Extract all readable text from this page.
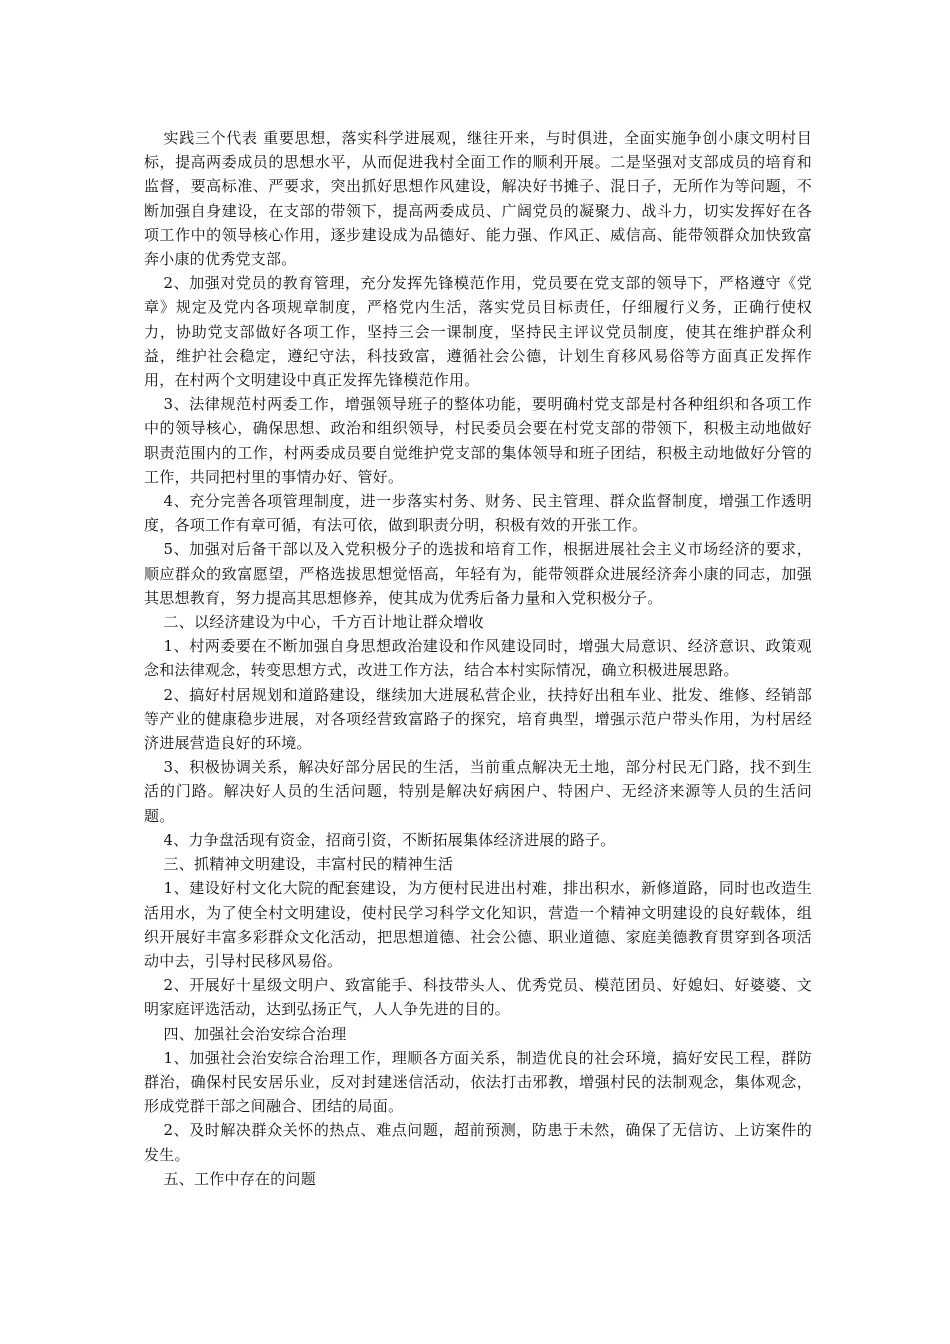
实践三个代表 重要思想，落实科学进展观，继往开来，与时俱进，全面实施争创小康文明村目标，提高两委成员的思想水平，从而促进我村全面工作的顺利开展。二是坚强对支部成员的培育和监督，要高标准、严要求，突出抓好思想作风建设，解决好书摊子、混日子，无所作为等问题，不断加强自身建设，在支部的带领下，提高两委成员、广阔党员的凝聚力、战斗力，切实发挥好在各项工作中的领导核心作用，逐步建设成为品德好、能力强、作风正、威信高、能带领群众加快致富奔小康的优秀党支部。

2、加强对党员的教育管理，充分发挥先锋模范作用，党员要在党支部的领导下，严格遵守《党章》规定及党内各项规章制度，严格党内生活，落实党员目标责任，仔细履行义务，正确行使权力，协助党支部做好各项工作，坚持三会一课制度，坚持民主评议党员制度，使其在维护群众利益，维护社会稳定，遵纪守法，科技致富，遵循社会公德，计划生育移风易俗等方面真正发挥作用，在村两个文明建设中真正发挥先锋模范作用。

3、法律规范村两委工作，增强领导班子的整体功能，要明确村党支部是村各种组织和各项工作中的领导核心，确保思想、政治和组织领导，村民委员会要在村党支部的带领下，积极主动地做好职责范围内的工作，村两委成员要自觉维护党支部的集体领导和班子团结，积极主动地做好分管的工作，共同把村里的事情办好、管好。

4、充分完善各项管理制度，进一步落实村务、财务、民主管理、群众监督制度，增强工作透明度，各项工作有章可循，有法可依，做到职责分明，积极有效的开张工作。

5、加强对后备干部以及入党积极分子的选拔和培育工作，根据进展社会主义市场经济的要求，顺应群众的致富愿望，严格选拔思想觉悟高，年轻有为，能带领群众进展经济奔小康的同志，加强其思想教育，努力提高其思想修养，使其成为优秀后备力量和入党积极分子。

二、以经济建设为中心，千方百计地让群众增收

1、村两委要在不断加强自身思想政治建设和作风建设同时，增强大局意识、经济意识、政策观念和法律观念，转变思想方式，改进工作方法，结合本村实际情况，确立积极进展思路。

2、搞好村居规划和道路建设，继续加大进展私营企业，扶持好出租车业、批发、维修、经销部等产业的健康稳步进展，对各项经营致富路子的探究，培育典型，增强示范户带头作用，为村居经济进展营造良好的环境。

3、积极协调关系，解决好部分居民的生活，当前重点解决无土地，部分村民无门路，找不到生活的门路。解决好人员的生活问题，特别是解决好病困户、特困户、无经济来源等人员的生活问题。

4、力争盘活现有资金，招商引资，不断拓展集体经济进展的路子。

三、抓精神文明建设，丰富村民的精神生活

1、建设好村文化大院的配套建设，为方便村民进出村难，排出积水，新修道路，同时也改造生活用水，为了使全村文明建设，使村民学习科学文化知识，营造一个精神文明建设的良好载体，组织开展好丰富多彩群众文化活动，把思想道德、社会公德、职业道德、家庭美德教育贯穿到各项活动中去，引导村民移风易俗。

2、开展好十星级文明户、致富能手、科技带头人、优秀党员、模范团员、好媳妇、好婆婆、文明家庭评选活动，达到弘扬正气，人人争先进的目的。

四、加强社会治安综合治理

1、加强社会治安综合治理工作，理顺各方面关系，制造优良的社会环境，搞好安民工程，群防群治，确保村民安居乐业，反对封建迷信活动，依法打击邪教，增强村民的法制观念，集体观念，形成党群干部之间融合、团结的局面。

2、及时解决群众关怀的热点、难点问题，超前预测，防患于未然，确保了无信访、上访案件的发生。

五、工作中存在的问题
